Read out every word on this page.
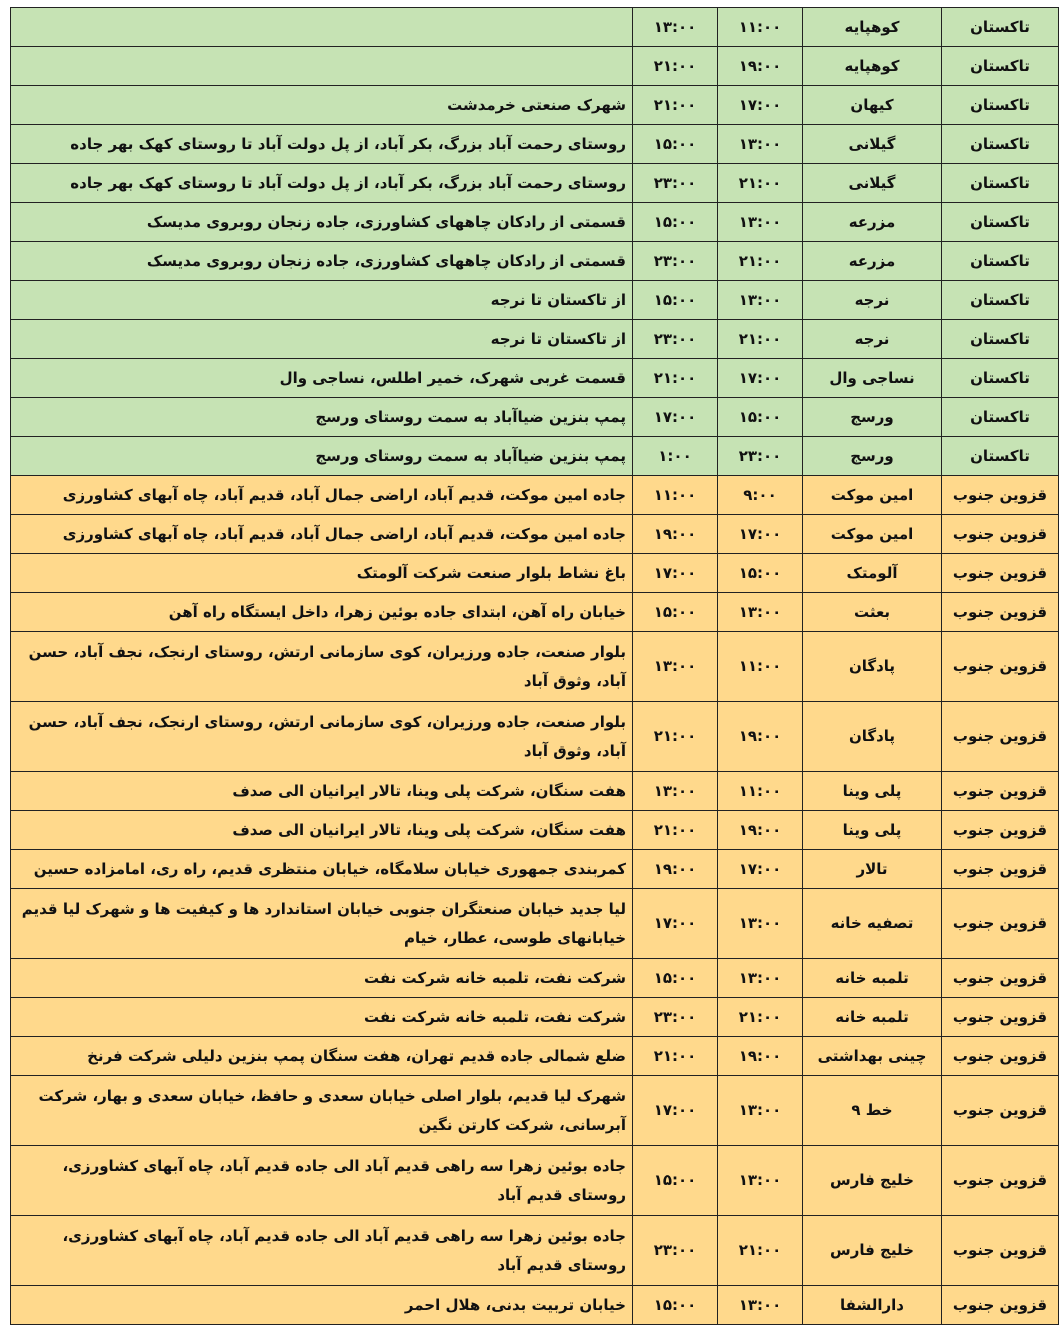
تاکستان	کوهپایه	۱۱:۰۰	۱۳:۰۰	
تاکستان	کوهپایه	۱۹:۰۰	۲۱:۰۰	
تاکستان	کیهان	۱۷:۰۰	۲۱:۰۰	شهرک صنعتی خرمدشت
تاکستان	گیلانی	۱۳:۰۰	۱۵:۰۰	روستای رحمت آباد بزرگ، بکر آباد، از پل دولت آباد تا روستای کهک بهر جاده
تاکستان	گیلانی	۲۱:۰۰	۲۳:۰۰	روستای رحمت آباد بزرگ، بکر آباد، از پل دولت آباد تا روستای کهک بهر جاده
تاکستان	مزرعه	۱۳:۰۰	۱۵:۰۰	قسمتی از رادکان چاههای کشاورزی، جاده زنجان روبروی مدیسک
تاکستان	مزرعه	۲۱:۰۰	۲۳:۰۰	قسمتی از رادکان چاههای کشاورزی، جاده زنجان روبروی مدیسک
تاکستان	نرجه	۱۳:۰۰	۱۵:۰۰	از تاکستان تا نرجه
تاکستان	نرجه	۲۱:۰۰	۲۳:۰۰	از تاکستان تا نرجه
تاکستان	نساجی وال	۱۷:۰۰	۲۱:۰۰	قسمت غربی شهرک، خمیر اطلس، نساجی وال
تاکستان	ورسج	۱۵:۰۰	۱۷:۰۰	پمپ بنزین ضیاآباد به سمت روستای ورسج
تاکستان	ورسج	۲۳:۰۰	۱:۰۰	پمپ بنزین ضیاآباد به سمت روستای ورسج
قزوین جنوب	امین موکت	۹:۰۰	۱۱:۰۰	جاده امین موکت، قدیم آباد، اراضی جمال آباد، قدیم آباد، چاه آبهای کشاورزی
قزوین جنوب	امین موکت	۱۷:۰۰	۱۹:۰۰	جاده امین موکت، قدیم آباد، اراضی جمال آباد، قدیم آباد، چاه آبهای کشاورزی
قزوین جنوب	آلومتک	۱۵:۰۰	۱۷:۰۰	باغ نشاط بلوار صنعت شرکت آلومتک
قزوین جنوب	بعثت	۱۳:۰۰	۱۵:۰۰	خیابان راه آهن، ابتدای جاده بوئین زهرا، داخل ایستگاه راه آهن
قزوین جنوب	پادگان	۱۱:۰۰	۱۳:۰۰	بلوار صنعت، جاده ورزیران، کوی سازمانی ارتش، روستای ارنجک، نجف آباد، حسن آباد، وثوق آباد
قزوین جنوب	پادگان	۱۹:۰۰	۲۱:۰۰	بلوار صنعت، جاده ورزیران، کوی سازمانی ارتش، روستای ارنجک، نجف آباد، حسن آباد، وثوق آباد
قزوین جنوب	پلی وینا	۱۱:۰۰	۱۳:۰۰	هفت سنگان، شرکت پلی وینا، تالار ایرانیان الی صدف
قزوین جنوب	پلی وینا	۱۹:۰۰	۲۱:۰۰	هفت سنگان، شرکت پلی وینا، تالار ایرانیان الی صدف
قزوین جنوب	تالار	۱۷:۰۰	۱۹:۰۰	کمربندی جمهوری خیابان سلامگاه، خیابان منتظری قدیم، راه ری، امامزاده حسین
قزوین جنوب	تصفیه خانه	۱۳:۰۰	۱۷:۰۰	لیا جدید خیابان صنعتگران جنوبی خیابان استاندارد ها و کیفیت ها و شهرک لیا قدیم خیابانهای طوسی، عطار، خیام
قزوین جنوب	تلمبه خانه	۱۳:۰۰	۱۵:۰۰	شرکت نفت، تلمبه خانه شرکت نفت
قزوین جنوب	تلمبه خانه	۲۱:۰۰	۲۳:۰۰	شرکت نفت، تلمبه خانه شرکت نفت
قزوین جنوب	چینی بهداشتی	۱۹:۰۰	۲۱:۰۰	ضلع شمالی جاده قدیم تهران، هفت سنگان پمپ بنزین دلیلی شرکت فرنخ
قزوین جنوب	خط ۹	۱۳:۰۰	۱۷:۰۰	شهرک لیا قدیم، بلوار اصلی خیابان سعدی و حافظ، خیابان سعدی و بهار، شرکت آبرسانی، شرکت کارتن نگین
قزوین جنوب	خلیج فارس	۱۳:۰۰	۱۵:۰۰	جاده بوئین زهرا سه راهی قدیم آباد الی جاده قدیم آباد، چاه آبهای کشاورزی، روستای قدیم آباد
قزوین جنوب	خلیج فارس	۲۱:۰۰	۲۳:۰۰	جاده بوئین زهرا سه راهی قدیم آباد الی جاده قدیم آباد، چاه آبهای کشاورزی، روستای قدیم آباد
قزوین جنوب	دارالشفا	۱۳:۰۰	۱۵:۰۰	خیابان تربیت بدنی، هلال احمر
